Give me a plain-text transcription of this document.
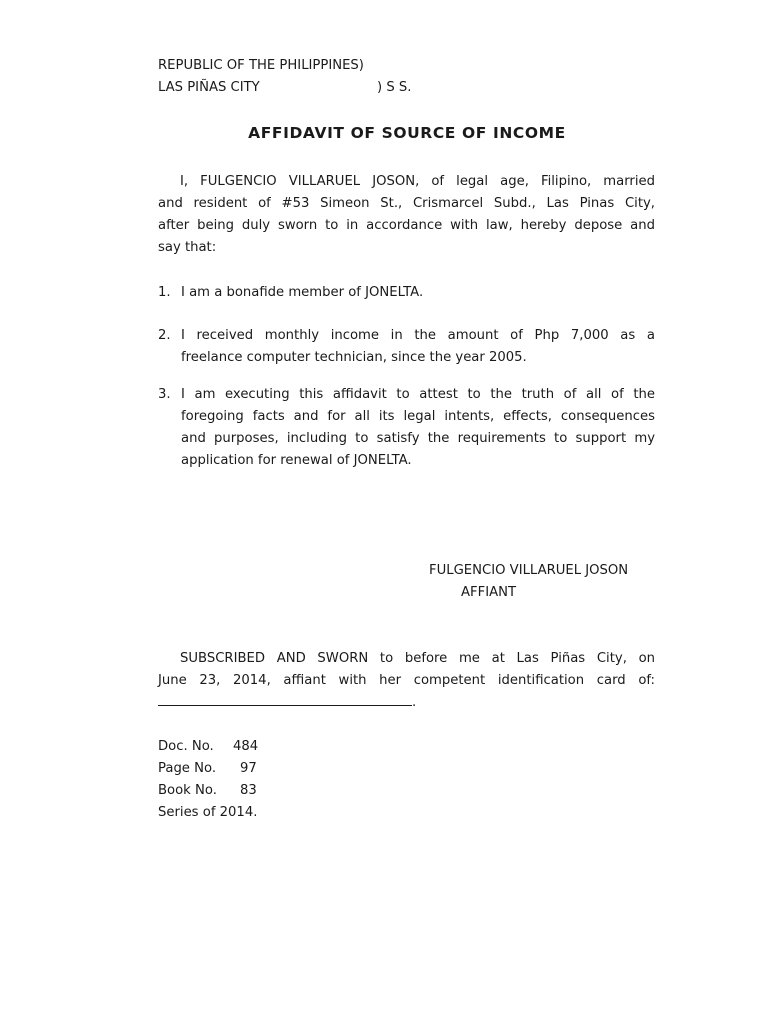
REPUBLIC OF THE PHILIPPINES)
LAS PIÑAS CITY	) S S.
AFFIDAVIT OF SOURCE OF INCOME
I, FULGENCIO VILLARUEL JOSON, of legal age, Filipino, married
and resident of #53 Simeon St., Crismarcel Subd., Las Pinas City,
after being duly sworn to in accordance with law, hereby depose and
say that:
1. I am a bonafide member of JONELTA.
2. I received monthly income in the amount of Php 7,000 as a
freelance computer technician, since the year 2005.
3. I am executing this affidavit to attest to the truth of all of the
foregoing facts and for all its legal intents, effects, consequences
and purposes, including to satisfy the requirements to support my
application for renewal of JONELTA.
FULGENCIO VILLARUEL JOSON
AFFIANT
SUBSCRIBED AND SWORN to before me at Las Piñas City, on
June 23, 2014, affiant with her competent identification card of:
.
Doc. No. 484
Page No. 97
Book No. 83
Series of 2014.
